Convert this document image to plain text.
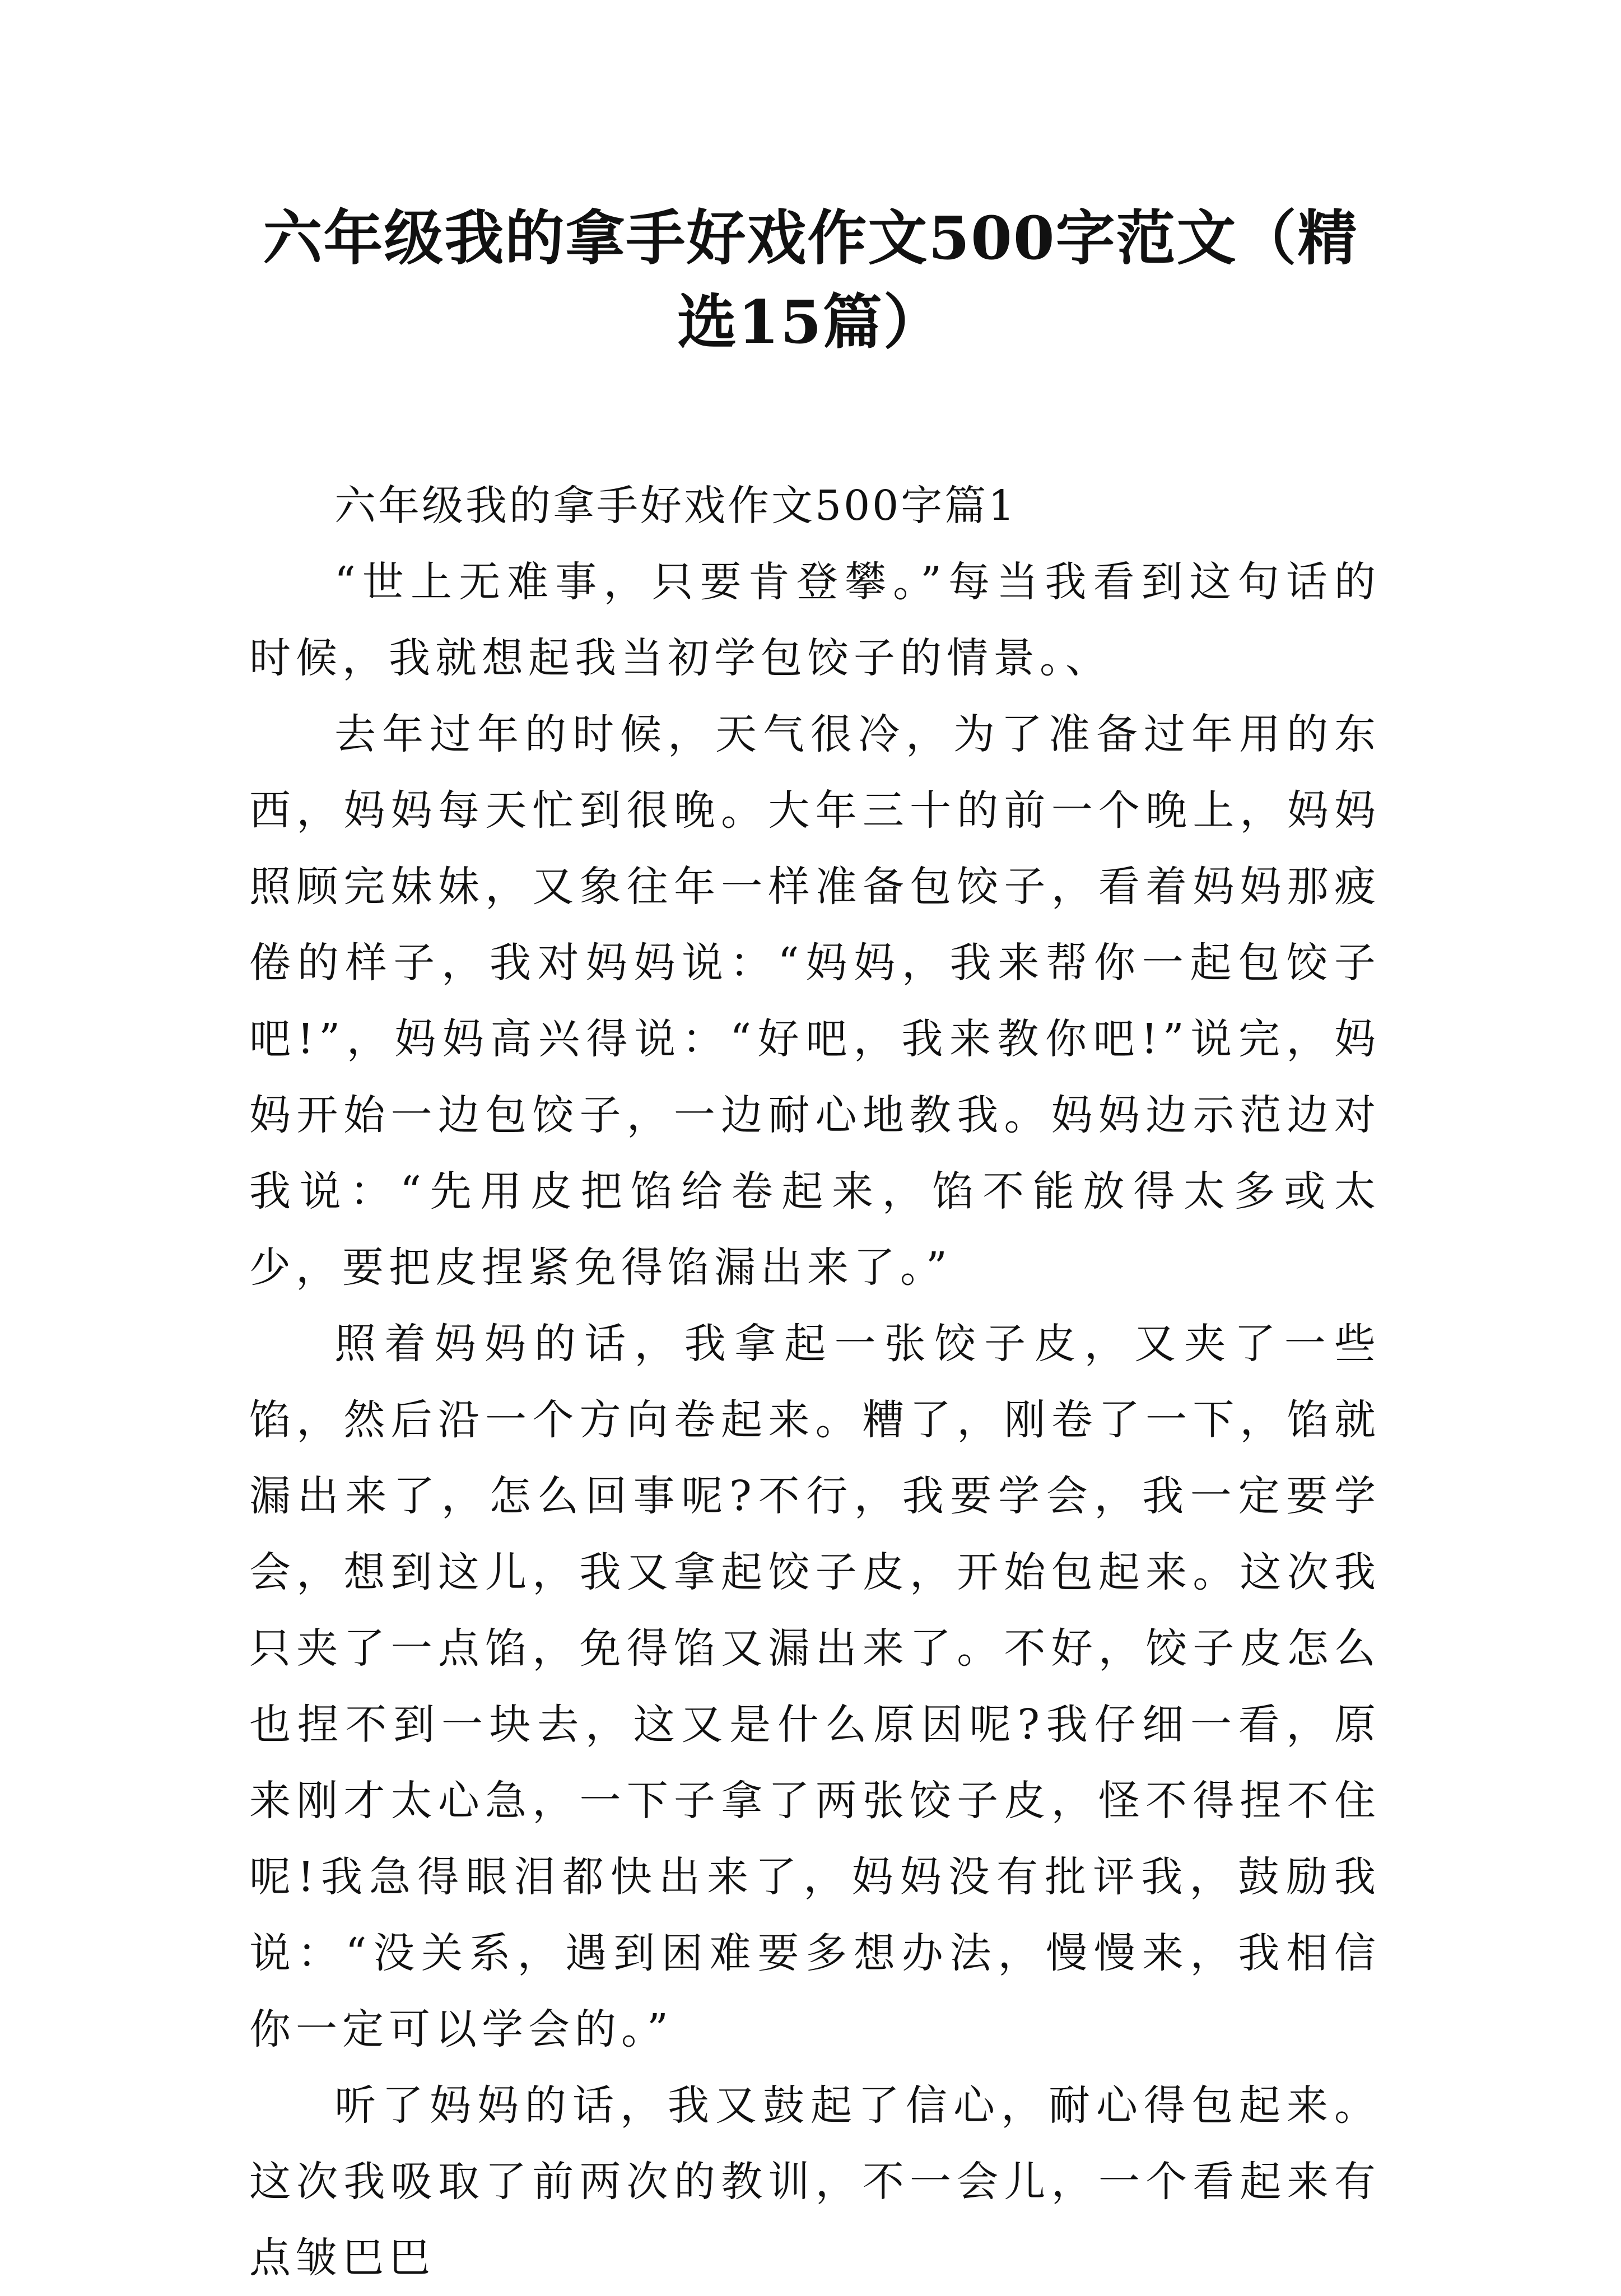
六年级我的拿手好戏作文500字范文（精选15篇）

六年级我的拿手好戏作文500字篇1

“世上无难事，只要肯登攀。”每当我看到这句话的时候，我就想起我当初学包饺子的情景。、

去年过年的时候，天气很冷，为了准备过年用的东西，妈妈每天忙到很晚。大年三十的前一个晚上，妈妈照顾完妹妹，又象往年一样准备包饺子，看着妈妈那疲倦的样子，我对妈妈说：“妈妈，我来帮你一起包饺子吧!”，妈妈高兴得说：“好吧，我来教你吧!”说完，妈妈开始一边包饺子，一边耐心地教我。妈妈边示范边对我说：“先用皮把馅给卷起来，馅不能放得太多或太少，要把皮捏紧免得馅漏出来了。”

照着妈妈的话，我拿起一张饺子皮，又夹了一些馅，然后沿一个方向卷起来。糟了，刚卷了一下，馅就漏出来了，怎么回事呢?不行，我要学会，我一定要学会，想到这儿，我又拿起饺子皮，开始包起来。这次我只夹了一点馅，免得馅又漏出来了。不好，饺子皮怎么也捏不到一块去，这又是什么原因呢?我仔细一看，原来刚才太心急，一下子拿了两张饺子皮，怪不得捏不住呢!我急得眼泪都快出来了，妈妈没有批评我，鼓励我说：“没关系，遇到困难要多想办法，慢慢来，我相信你一定可以学会的。”

听了妈妈的话，我又鼓起了信心，耐心得包起来。这次我吸取了前两次的教训，不一会儿，一个看起来有点皱巴巴
